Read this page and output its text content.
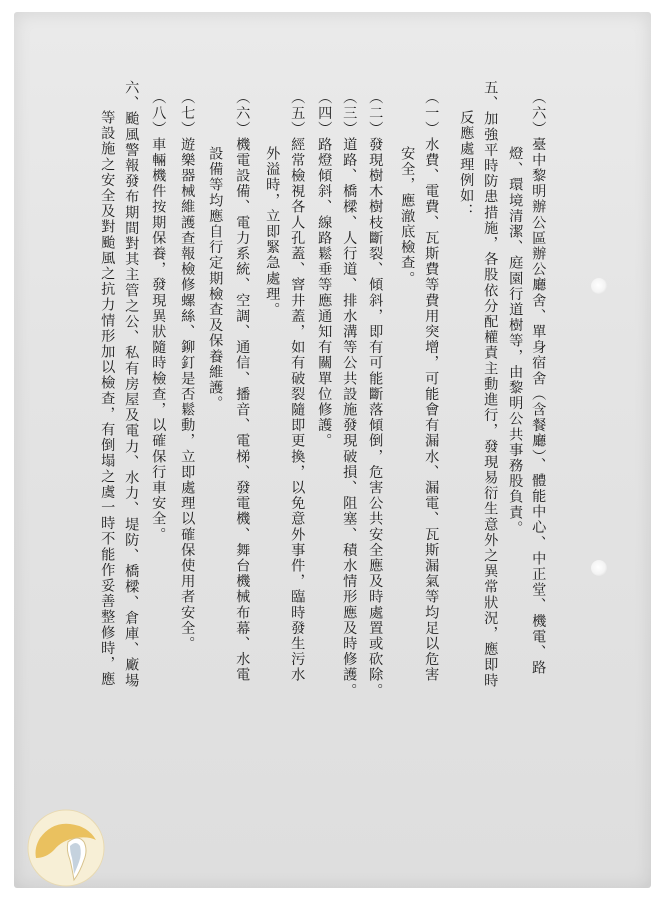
（六）臺中黎明辦公區辦公廳舍、單身宿舍（含餐廳）、體能中心、中正堂、機電、路

燈、環境清潔、庭園行道樹等，由黎明公共事務股負責。

五、加強平時防患措施，各股依分配權責主動進行，發現易衍生意外之異常狀況，應即時

反應處理例如：

（一）水費、電費、瓦斯費等費用突增，可能會有漏水、漏電、瓦斯漏氣等均足以危害

安全，應澈底檢查。

（二）發現樹木樹枝斷裂、傾斜，即有可能斷落傾倒，危害公共安全應及時處置或砍除。

（三）道路、橋樑、人行道、排水溝等公共設施發現破損、阻塞、積水情形應及時修護。

（四）路燈傾斜、線路鬆垂等應通知有關單位修護。

（五）經常檢視各人孔蓋、窨井蓋，如有破裂隨即更換，以免意外事件，臨時發生污水

外溢時，立即緊急處理。

（六）機電設備、電力系統、空調、通信、播音、電梯、發電機、舞台機械布幕、水電

設備等均應自行定期檢查及保養維護。

（七）遊樂器械維護查報檢修螺絲、鉚釘是否鬆動，立即處理以確保使用者安全。

（八）車輛機件按期保養，發現異狀隨時檢查，以確保行車安全。

六、颱風警報發布期間對其主管之公、私有房屋及電力、水力、堤防、橋樑、倉庫、廠場

等設施之安全及對颱風之抗力情形加以檢查，有倒塌之虞一時不能作妥善整修時，應
